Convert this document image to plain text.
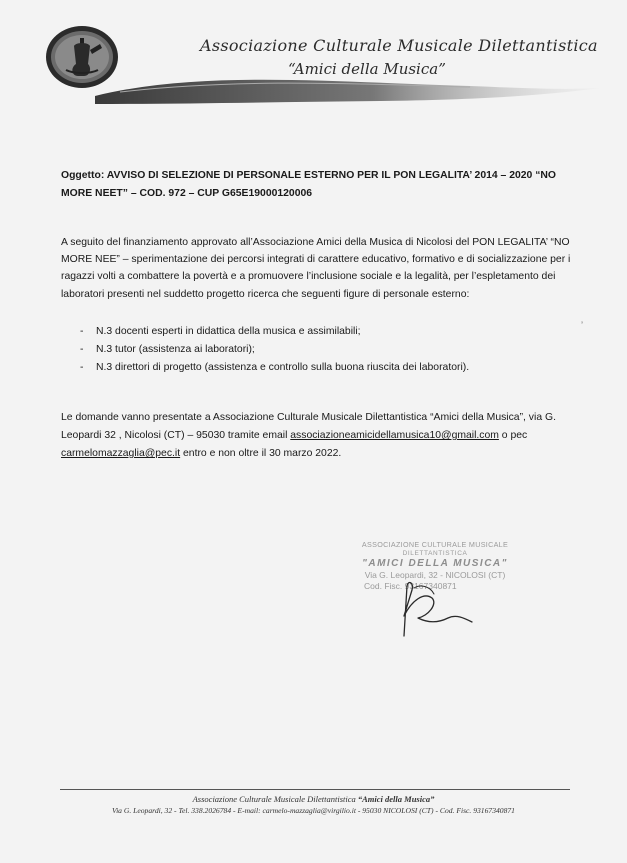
Associazione Culturale Musicale Dilettantistica
“Amici della Musica”
Oggetto: AVVISO DI SELEZIONE DI PERSONALE ESTERNO PER IL PON LEGALITA’ 2014 – 2020 “NO MORE NEET” – COD. 972 – CUP G65E19000120006
A seguito del finanziamento approvato all’Associazione Amici della Musica di Nicolosi del PON LEGALITA’ “NO MORE NEE” – sperimentazione dei percorsi integrati di carattere educativo, formativo e di socializzazione per i ragazzi volti a combattere la povertà e a promuovere l’inclusione sociale e la legalità, per l’espletamento dei laboratori presenti nel suddetto progetto ricerca che seguenti figure di personale esterno:
- N.3 docenti esperti in didattica della musica e assimilabili;
- N.3 tutor (assistenza ai laboratori);
- N.3 direttori di progetto (assistenza e controllo sulla buona riuscita dei laboratori).
’
Le domande vanno presentate a Associazione Culturale Musicale Dilettantistica “Amici della Musica”, via G. Leopardi 32 , Nicolosi (CT) – 95030 tramite email associazioneamicidellamusica10@gmail.com o pec carmelomazzaglia@pec.it entro e non oltre il 30 marzo 2022.
ASSOCIAZIONE CULTURALE MUSICALE
DILETTANTISTICA
"AMICI DELLA MUSICA"
Via G. Leopardi, 32 - NICOLOSI (CT)
Cod. Fisc. 93167340871
Associazione Culturale Musicale Dilettantistica “Amici della Musica”
Via G. Leopardi, 32 - Tel. 338.2026784 - E-mail: carmelo-mazzaglia@virgilio.it - 95030 NICOLOSI (CT) - Cod. Fisc. 93167340871
